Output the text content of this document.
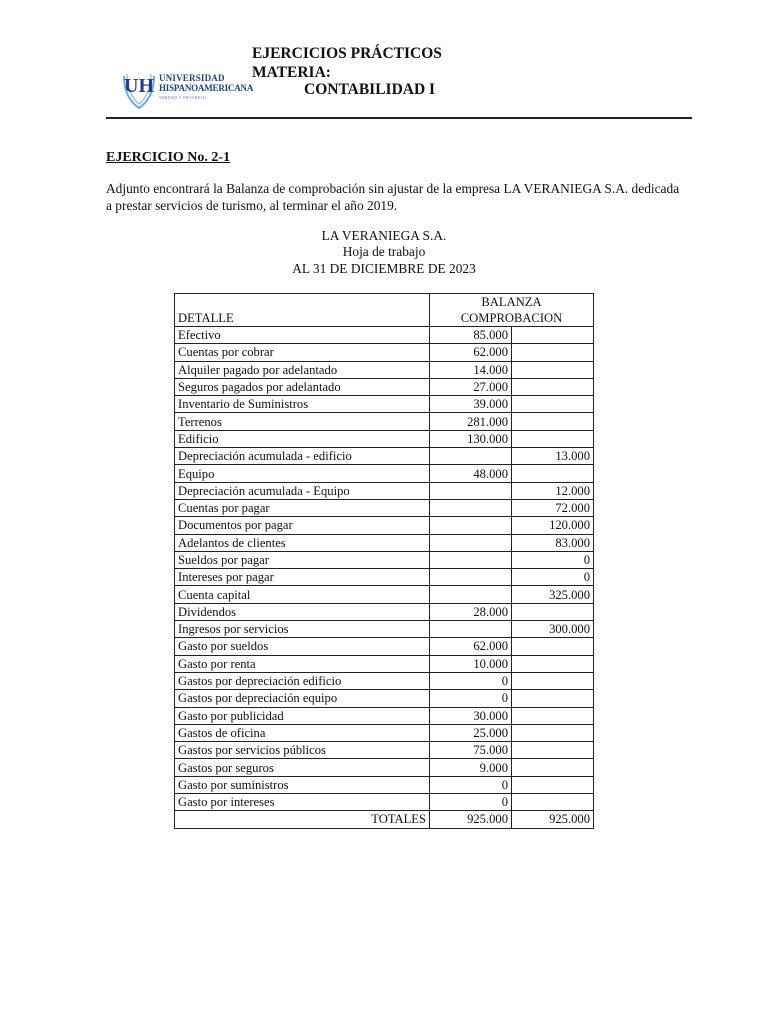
UH UNIVERSIDAD
HISPANOAMERICANA
VERDAD Y PROGRESO
EJERCICIOS PRÁCTICOS
MATERIA:
CONTABILIDAD I
EJERCICIO No. 2-1
Adjunto encontrará la Balanza de comprobación sin ajustar de la empresa LA VERANIEGA S.A. dedicada a prestar servicios de turismo, al terminar el año 2019.
LA VERANIEGA S.A.
Hoja de trabajo
AL 31 DE DICIEMBRE DE 2023
DETALLE	BALANZA
COMPROBACION	
Efectivo	85.000	
Cuentas por cobrar	62.000	
Alquiler pagado por adelantado	14.000	
Seguros pagados por adelantado	27.000	
Inventario de Suministros	39.000	
Terrenos	281.000	
Edificio	130.000	
Depreciación acumulada - edificio		13.000
Equipo	48.000	
Depreciación acumulada - Equipo		12.000
Cuentas por pagar		72.000
Documentos por pagar		120.000
Adelantos de clientes		83.000
Sueldos por pagar		0
Intereses por pagar		0
Cuenta capital		325.000
Dividendos	28.000	
Ingresos por servicios		300.000
Gasto por sueldos	62.000	
Gasto por renta	10.000	
Gastos por depreciación edificio	0	
Gastos por depreciación equipo	0	
Gasto por publicidad	30.000	
Gastos de oficina	25.000	
Gastos por servicios públicos	75.000	
Gastos por seguros	9.000	
Gasto por suministros	0	
Gasto por intereses	0	
TOTALES	925.000	925.000
